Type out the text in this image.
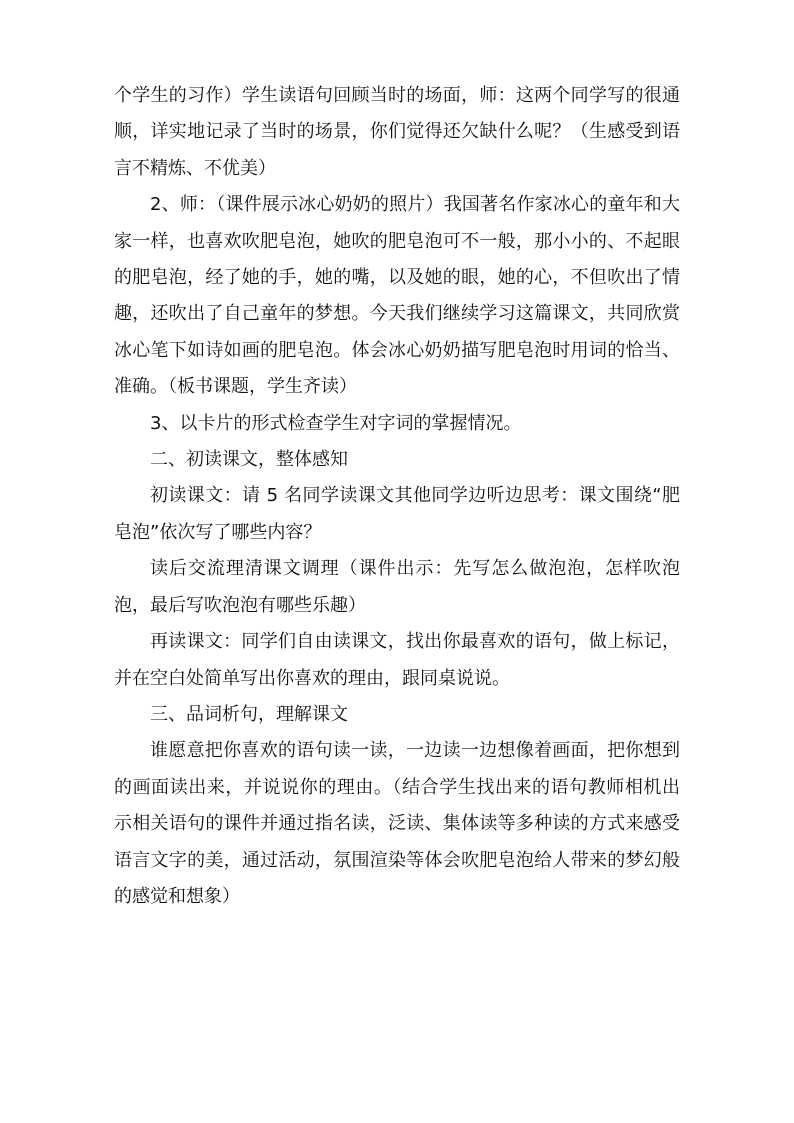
个学生的习作）学生读语句回顾当时的场面，师：这两个同学写的很通顺，详实地记录了当时的场景，你们觉得还欠缺什么呢？（生感受到语言不精炼、不优美）

2、师：（课件展示冰心奶奶的照片）我国著名作家冰心的童年和大家一样，也喜欢吹肥皂泡，她吹的肥皂泡可不一般，那小小的、不起眼的肥皂泡，经了她的手，她的嘴，以及她的眼，她的心，不但吹出了情趣，还吹出了自己童年的梦想。今天我们继续学习这篇课文，共同欣赏冰心笔下如诗如画的肥皂泡。体会冰心奶奶描写肥皂泡时用词的恰当、准确。（板书课题，学生齐读）

3、以卡片的形式检查学生对字词的掌握情况。

二、初读课文，整体感知

初读课文：请 5 名同学读课文其他同学边听边思考：课文围绕“肥皂泡”依次写了哪些内容？

读后交流理清课文调理（课件出示：先写怎么做泡泡，怎样吹泡泡，最后写吹泡泡有哪些乐趣）

再读课文：同学们自由读课文，找出你最喜欢的语句，做上标记，并在空白处简单写出你喜欢的理由，跟同桌说说。

三、品词析句，理解课文

谁愿意把你喜欢的语句读一读，一边读一边想像着画面，把你想到的画面读出来，并说说你的理由。（结合学生找出来的语句教师相机出示相关语句的课件并通过指名读，泛读、集体读等多种读的方式来感受语言文字的美，通过活动，氛围渲染等体会吹肥皂泡给人带来的梦幻般的感觉和想象）
